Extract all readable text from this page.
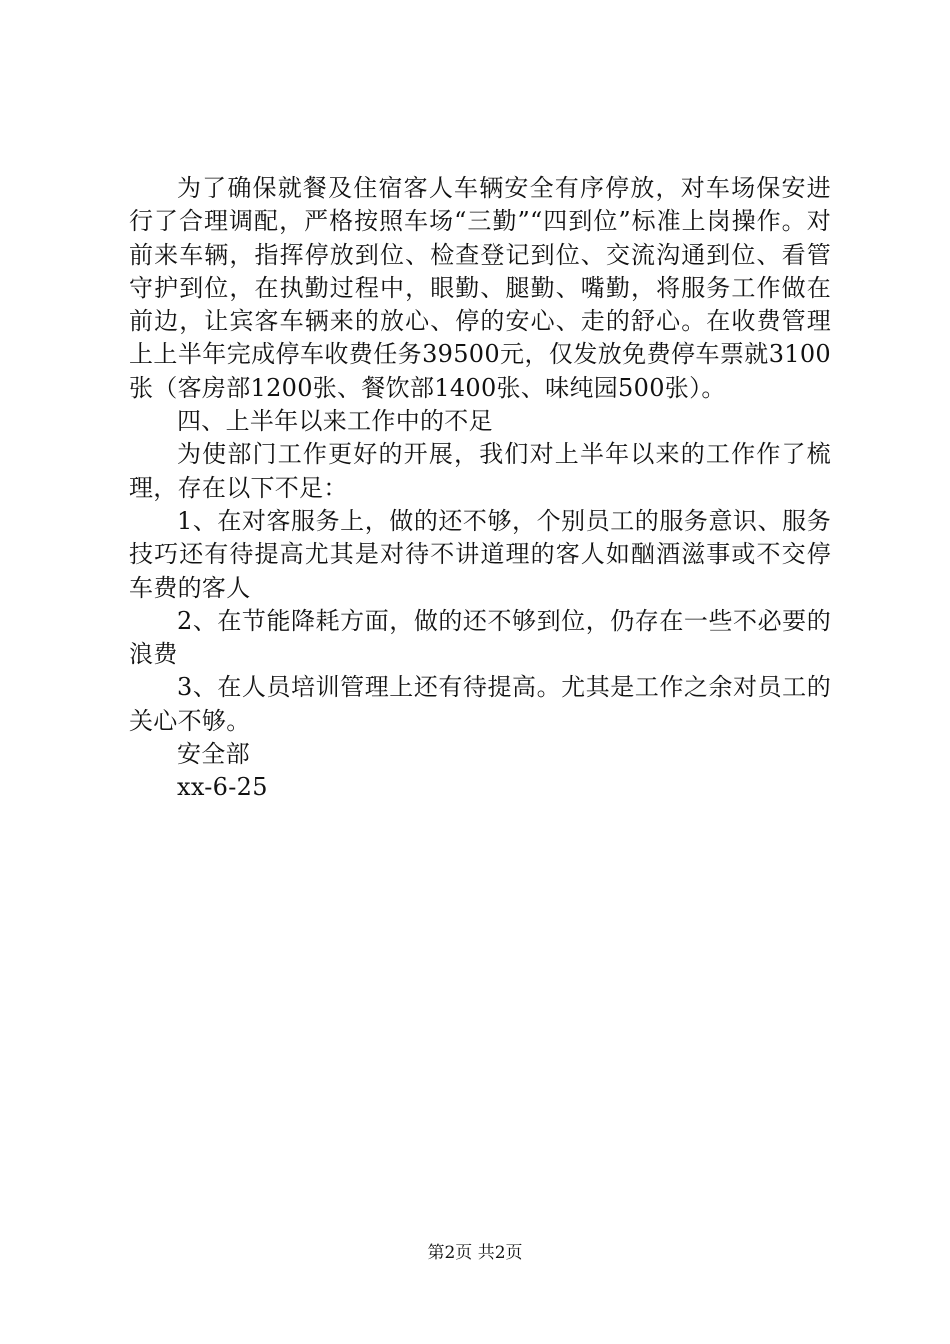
为了确保就餐及住宿客人车辆安全有序停放，对车场保安进行了合理调配，严格按照车场“三勤”“四到位”标准上岗操作。对前来车辆，指挥停放到位、检查登记到位、交流沟通到位、看管守护到位，在执勤过程中，眼勤、腿勤、嘴勤，将服务工作做在前边，让宾客车辆来的放心、停的安心、走的舒心。在收费管理上上半年完成停车收费任务39500元，仅发放免费停车票就3100张（客房部1200张、餐饮部1400张、味纯园500张）。

四、上半年以来工作中的不足

为使部门工作更好的开展，我们对上半年以来的工作作了梳理，存在以下不足：

1、在对客服务上，做的还不够，个别员工的服务意识、服务技巧还有待提高尤其是对待不讲道理的客人如酗酒滋事或不交停车费的客人

2、在节能降耗方面，做的还不够到位，仍存在一些不必要的浪费

3、在人员培训管理上还有待提高。尤其是工作之余对员工的关心不够。

安全部

xx-6-25

第2页 共2页
